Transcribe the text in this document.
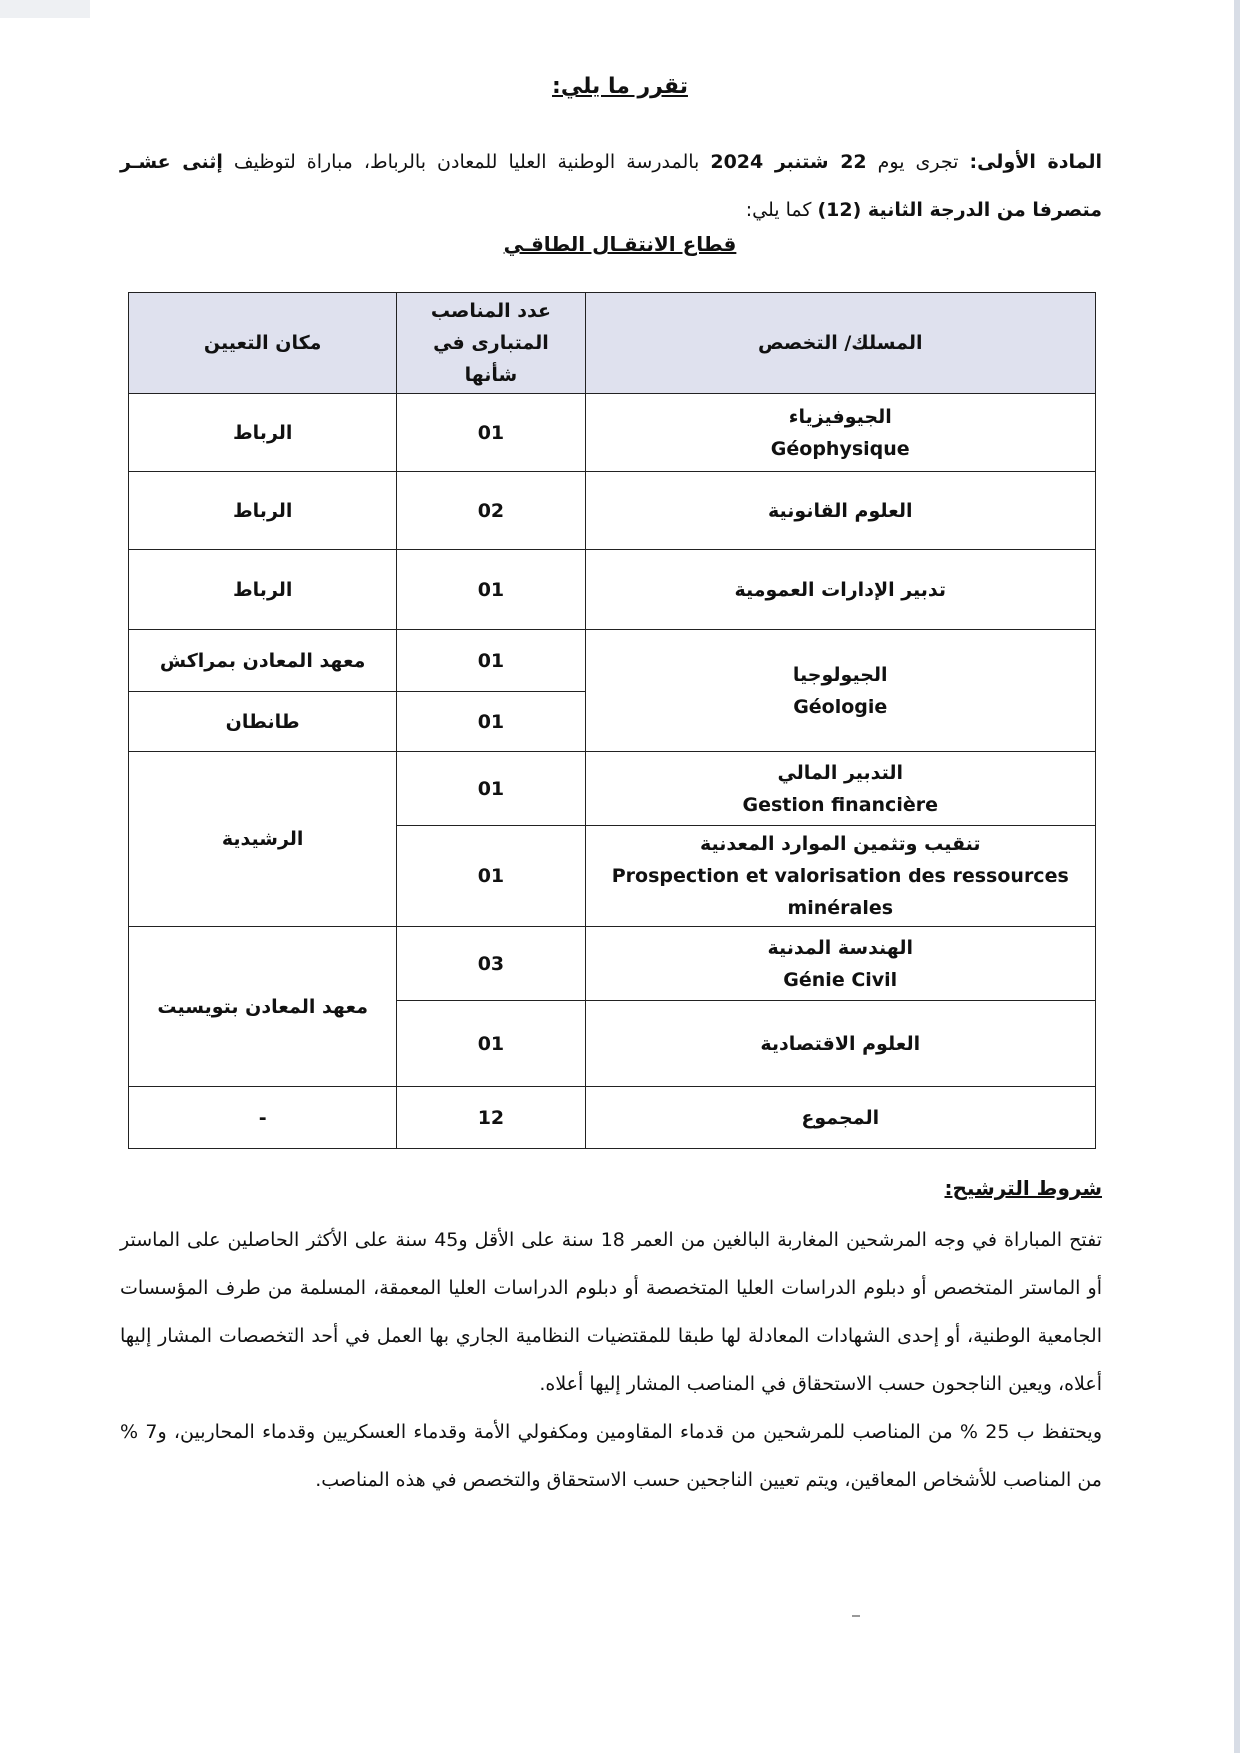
تقرر ما يلي:
المادة الأولى: تجرى يوم 22 شتنبر 2024 بالمدرسة الوطنية العليا للمعادن بالرباط، مباراة لتوظيف إثنى عشـر متصرفا من الدرجة الثانية (12) كما يلي:
قطاع الانتقـال الطاقـي
المسلك/ التخصص	عدد المناصب المتبارى في شأنها	مكان التعيين
الجيوفيزياء
Géophysique	01	الرباط
العلوم القانونية	02	الرباط
تدبير الإدارات العمومية	01	الرباط
الجيولوجيا
Géologie	01	معهد المعادن بمراكش
	01	طانطان
التدبير المالي
Gestion financière	01	الرشيدية
تنقيب وتثمين الموارد المعدنية
Prospection et valorisation des ressources minérales	01	
الهندسة المدنية
Génie Civil	03	معهد المعادن بتويسيت
العلوم الاقتصادية	01	
المجموع	12	-
شروط الترشيح:

تفتح المباراة في وجه المرشحين المغاربة البالغين من العمر 18 سنة على الأقل و45 سنة على الأكثر الحاصلين على الماستر أو الماستر المتخصص أو دبلوم الدراسات العليا المتخصصة أو دبلوم الدراسات العليا المعمقة، المسلمة من طرف المؤسسات الجامعية الوطنية، أو إحدى الشهادات المعادلة لها طبقا للمقتضيات النظامية الجاري بها العمل في أحد التخصصات المشار إليها أعلاه، ويعين الناجحون حسب الاستحقاق في المناصب المشار إليها أعلاه.

ويحتفظ ب 25 % من المناصب للمرشحين من قدماء المقاومين ومكفولي الأمة وقدماء العسكريين وقدماء المحاربين، و7 % من المناصب للأشخاص المعاقين، ويتم تعيين الناجحين حسب الاستحقاق والتخصص في هذه المناصب.
